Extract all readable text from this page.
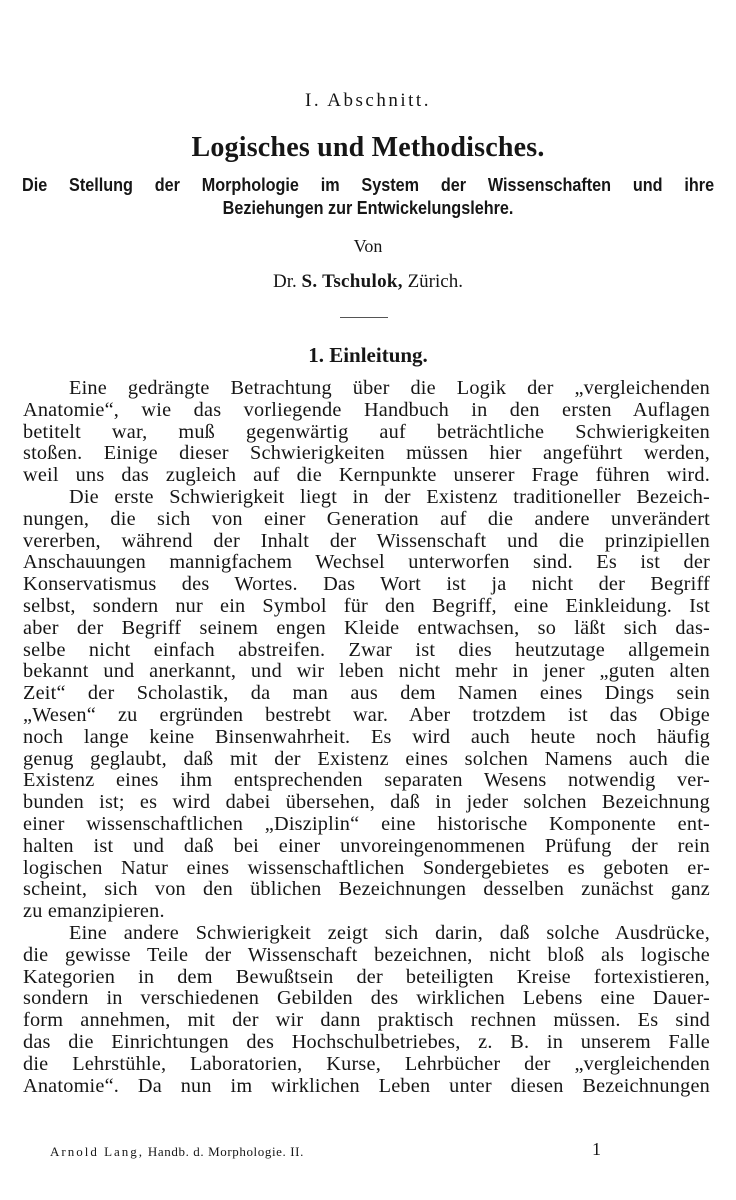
I. Abschnitt.
Logisches und Methodisches.
Die Stellung der Morphologie im System der Wissenschaften und ihre
Beziehungen zur Entwickelungslehre.
Von
Dr. S. Tschulok, Zürich.
1. Einleitung.
Eine gedrängte Betrachtung über die Logik der „vergleichenden
Anatomie“, wie das vorliegende Handbuch in den ersten Auflagen
betitelt war, muß gegenwärtig auf beträchtliche Schwierigkeiten
stoßen. Einige dieser Schwierigkeiten müssen hier angeführt werden,
weil uns das zugleich auf die Kernpunkte unserer Frage führen wird.
Die erste Schwierigkeit liegt in der Existenz traditioneller Bezeich-
nungen, die sich von einer Generation auf die andere unverändert
vererben, während der Inhalt der Wissenschaft und die prinzipiellen
Anschauungen mannigfachem Wechsel unterworfen sind. Es ist der
Konservatismus des Wortes. Das Wort ist ja nicht der Begriff
selbst, sondern nur ein Symbol für den Begriff, eine Einkleidung. Ist
aber der Begriff seinem engen Kleide entwachsen, so läßt sich das-
selbe nicht einfach abstreifen. Zwar ist dies heutzutage allgemein
bekannt und anerkannt, und wir leben nicht mehr in jener „guten alten
Zeit“ der Scholastik, da man aus dem Namen eines Dings sein
„Wesen“ zu ergründen bestrebt war. Aber trotzdem ist das Obige
noch lange keine Binsenwahrheit. Es wird auch heute noch häufig
genug geglaubt, daß mit der Existenz eines solchen Namens auch die
Existenz eines ihm entsprechenden separaten Wesens notwendig ver-
bunden ist; es wird dabei übersehen, daß in jeder solchen Bezeichnung
einer wissenschaftlichen „Disziplin“ eine historische Komponente ent-
halten ist und daß bei einer unvoreingenommenen Prüfung der rein
logischen Natur eines wissenschaftlichen Sondergebietes es geboten er-
scheint, sich von den üblichen Bezeichnungen desselben zunächst ganz
zu emanzipieren.
Eine andere Schwierigkeit zeigt sich darin, daß solche Ausdrücke,
die gewisse Teile der Wissenschaft bezeichnen, nicht bloß als logische
Kategorien in dem Bewußtsein der beteiligten Kreise fortexistieren,
sondern in verschiedenen Gebilden des wirklichen Lebens eine Dauer-
form annehmen, mit der wir dann praktisch rechnen müssen. Es sind
das die Einrichtungen des Hochschulbetriebes, z. B. in unserem Falle
die Lehrstühle, Laboratorien, Kurse, Lehrbücher der „vergleichenden
Anatomie“. Da nun im wirklichen Leben unter diesen Bezeichnungen
Arnold Lang, Handb. d. Morphologie. II.	1
